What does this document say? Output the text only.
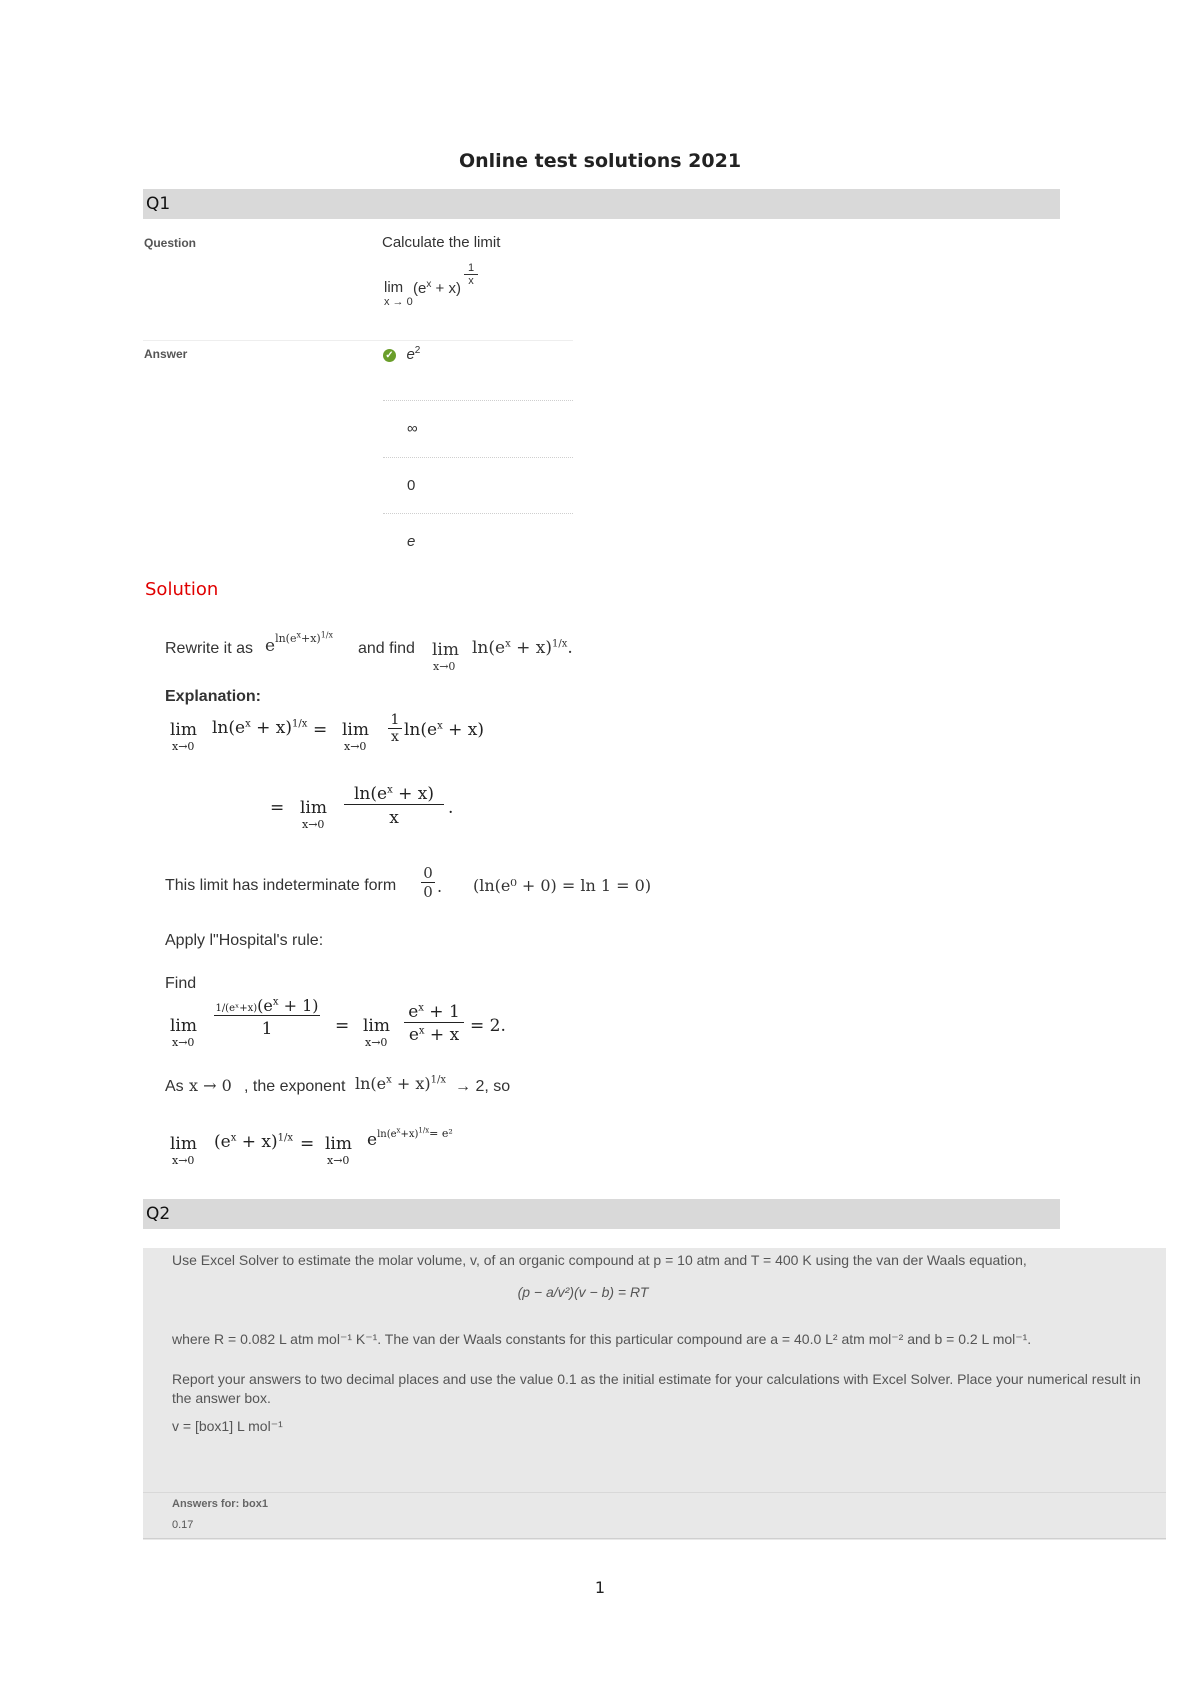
Online test solutions 2021
Q1
Question	Calculate the limit
lim
x → 0
$(e^x + x)$
1
x
Answer	✓ $e^2$
∞
0
e
Solution
Rewrite it as $e^{ln(e^x+x)^{1/x}}$
and find lim
x→0
$\ln(e^x + x)^{1/x}$.
Explanation:
lim
x→0
$\ln(e^x + x)^{1/x} = \lim$
x→0
1
x $\ln(e^x + x)$
= lim
x→0
$\ln(e^x + x)$
x	.
This limit has indeterminate form
0
0 . (ln(e⁰ + 0) = ln 1 = 0)
Apply l"Hospital's rule:
Find
lim
x→0
$1/(eˣ+x)(e^x + 1)$
1	= lim
x→0
$e^x + 1$
$e^x + x = 2$.
As x → 0 , the exponent $\ln(e^x + x)^{1/x} \to 2$, so
lim
x→0
$(e^x + x)^{1/x} = \lim$
x→0
$e^{ln(e^x+x)^{1/x}= e^2}$
Q2
Use Excel Solver to estimate the molar volume, v, of an organic compound at p = 10 atm and T = 400 K using the van der Waals equation,
(p − a/v²)(v − b) = RT
where R = 0.082 L atm mol⁻¹ K⁻¹. The van der Waals constants for this particular compound are a = 40.0 L² atm mol⁻² and b = 0.2 L mol⁻¹.
Report your answers to two decimal places and use the value 0.1 as the initial estimate for your calculations with Excel Solver. Place your numerical result in the answer box.
v = [box1] L mol⁻¹
Answers for: box1
0.17
1
